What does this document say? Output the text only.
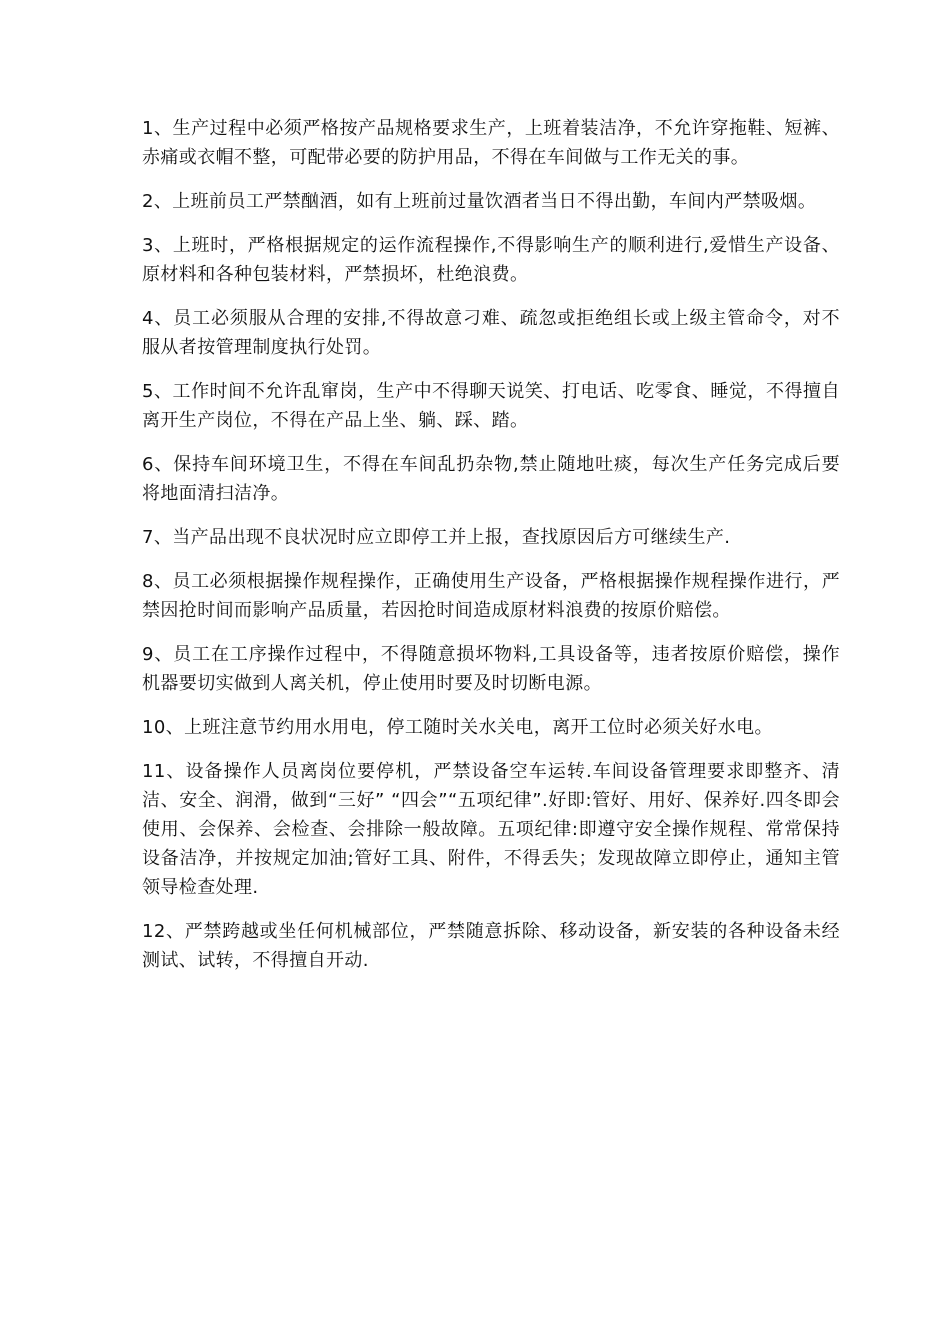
1、生产过程中必须严格按产品规格要求生产，上班着装洁净，不允许穿拖鞋、短裤、赤痛或衣帽不整，可配带必要的防护用品，不得在车间做与工作无关的事。

2、上班前员工严禁酗酒，如有上班前过量饮酒者当日不得出勤，车间内严禁吸烟。

3、上班时，严格根据规定的运作流程操作,不得影响生产的顺利进行,爱惜生产设备、原材料和各种包装材料，严禁损坏，杜绝浪费。

4、员工必须服从合理的安排,不得故意刁难、疏忽或拒绝组长或上级主管命令，对不服从者按管理制度执行处罚。

5、工作时间不允许乱窜岗，生产中不得聊天说笑、打电话、吃零食、睡觉，不得擅自离开生产岗位，不得在产品上坐、躺、踩、踏。

6、保持车间环境卫生，不得在车间乱扔杂物,禁止随地吐痰，每次生产任务完成后要将地面清扫洁净。

7、当产品出现不良状况时应立即停工并上报，查找原因后方可继续生产.

8、员工必须根据操作规程操作，正确使用生产设备，严格根据操作规程操作进行，严禁因抢时间而影响产品质量，若因抢时间造成原材料浪费的按原价赔偿。

9、员工在工序操作过程中，不得随意损坏物料,工具设备等，违者按原价赔偿，操作机器要切实做到人离关机，停止使用时要及时切断电源。

10、上班注意节约用水用电，停工随时关水关电，离开工位时必须关好水电。

11、设备操作人员离岗位要停机，严禁设备空车运转.车间设备管理要求即整齐、清洁、安全、润滑，做到“三好” “四会”“五项纪律”.好即:管好、用好、保养好.四冬即会使用、会保养、会检查、会排除一般故障。五项纪律:即遵守安全操作规程、常常保持设备洁净，并按规定加油;管好工具、附件，不得丢失；发现故障立即停止，通知主管领导检查处理.

12、严禁跨越或坐任何机械部位，严禁随意拆除、移动设备，新安装的各种设备未经测试、试转，不得擅自开动.
